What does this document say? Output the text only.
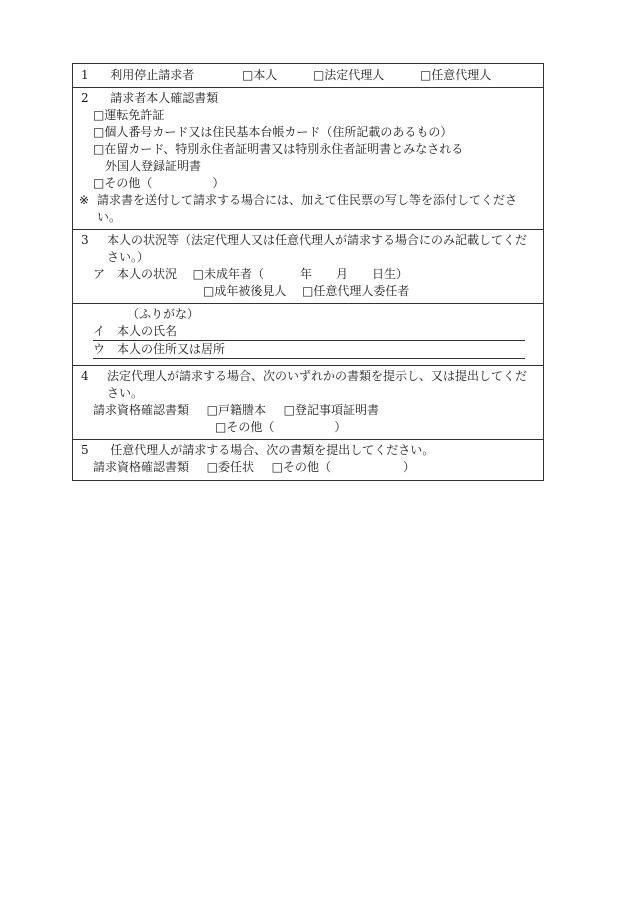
1 利用停止請求者	□本人	□法定代理人	□任意代理人
2 請求者本人確認書類
□運転免許証
□個人番号カード又は住民基本台帳カード（住所記載のあるもの）
□在留カード、特別永住者証明書又は特別永住者証明書とみなされる
外国人登録証明書
□その他（　　　　　）
※ 請求書を送付して請求する場合には、加えて住民票の写し等を添付してください。
3	本人の状況等（法定代理人又は任意代理人が請求する場合にのみ記載してください。）
ア　本人の状況 □未成年者（　　　年　　月　　日生）
□成年被後見人 □任意代理人委任者
（ふりがな）
イ　本人の氏名
ウ　本人の住所又は居所
4	法定代理人が請求する場合、次のいずれかの書類を提示し、又は提出してください。
請求資格確認書類 □戸籍謄本 □登記事項証明書
□その他（　　　　　）
5 任意代理人が請求する場合、次の書類を提出してください。
請求資格確認書類 □委任状 □その他（　　　　　　）
